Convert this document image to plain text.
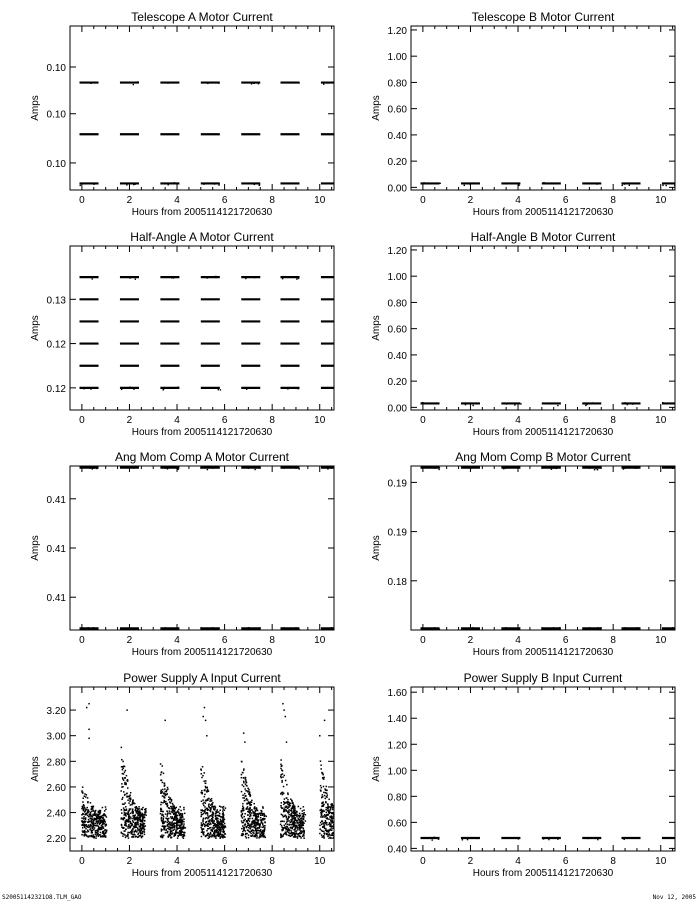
Telescope A Motor Current
0	2	4	6	8	10
0.10
0.10
0.10
Hours from 2005114121720630
Amps
Telescope B Motor Current
0	2	4	6	8	10
0.00
0.20
0.40
0.60
0.80
1.00
1.20
Hours from 2005114121720630
Amps
Half-Angle A Motor Current
0	2	4	6	8	10
0.12
0.12
0.13
Hours from 2005114121720630
Amps
Half-Angle B Motor Current
0	2	4	6	8	10
0.00
0.20
0.40
0.60
0.80
1.00
1.20
Hours from 2005114121720630
Amps
Ang Mom Comp A Motor Current
0	2	4	6	8	10
0.41
0.41
0.41
Hours from 2005114121720630
Amps
Ang Mom Comp B Motor Current
0	2	4	6	8	10
0.18
0.19
0.19
Hours from 2005114121720630
Amps
Power Supply A Input Current
0	2	4	6	8	10
2.20
2.40
2.60
2.80
3.00
3.20
Hours from 2005114121720630
Amps
Power Supply B Input Current
0	2	4	6	8	10
0.40
0.60
0.80
1.00
1.20
1.40
1.60
Hours from 2005114121720630
Amps
S20051142321O8.TLM_GAO	Nov 12, 2005
